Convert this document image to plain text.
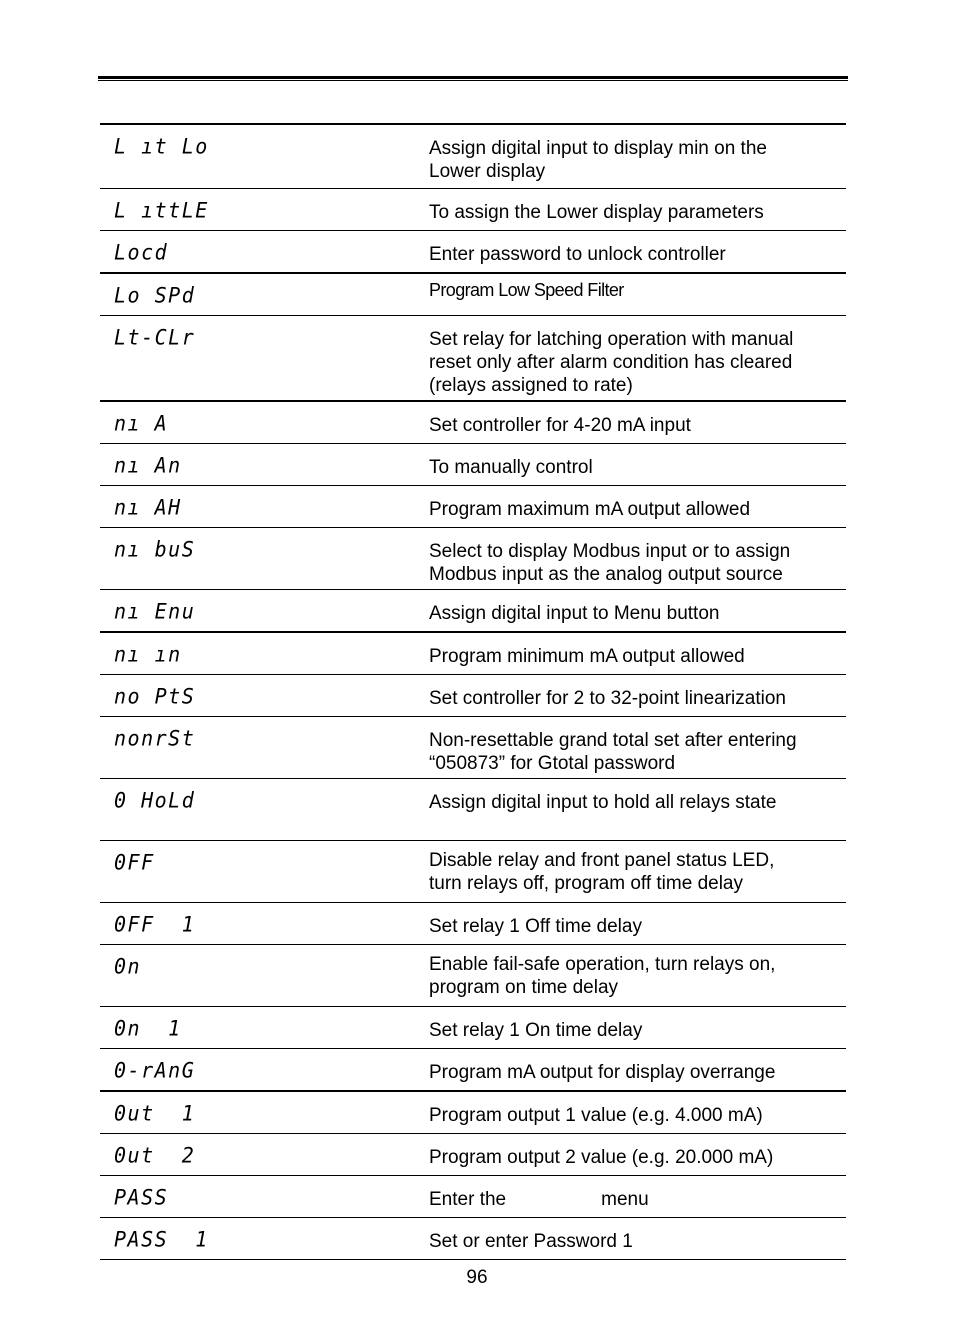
L ıt Lo	Assign digital input to display min on the
Lower display
L ıttLE	To assign the Lower display parameters
Locd	Enter password to unlock controller
Lo SPd	Program Low Speed Filter
Lt-CLr	Set relay for latching operation with manual
reset only after alarm condition has cleared
(relays assigned to rate)
nı A	Set controller for 4-20 mA input
nı An	To manually control
nı AH	Program maximum mA output allowed
nı buS	Select to display Modbus input or to assign
Modbus input as the analog output source
nı Enu	Assign digital input to Menu button
nı ın	Program minimum mA output allowed
no PtS	Set controller for 2 to 32-point linearization
nonrSt	Non-resettable grand total set after entering
“050873” for Gtotal password
0 HoLd	Assign digital input to hold all relays state
0FF	Disable relay and front panel status LED,
turn relays off, program off time delay
0FF  1	Set relay 1 Off time delay
0n	Enable fail-safe operation, turn relays on,
program on time delay
0n  1	Set relay 1 On time delay
0-rAnG	Program mA output for display overrange
0ut  1	Program output 1 value (e.g. 4.000 mA)
0ut  2	Program output 2 value (e.g. 20.000 mA)
PASS	Enter the                  menu
PASS  1	Set or enter Password 1
96
